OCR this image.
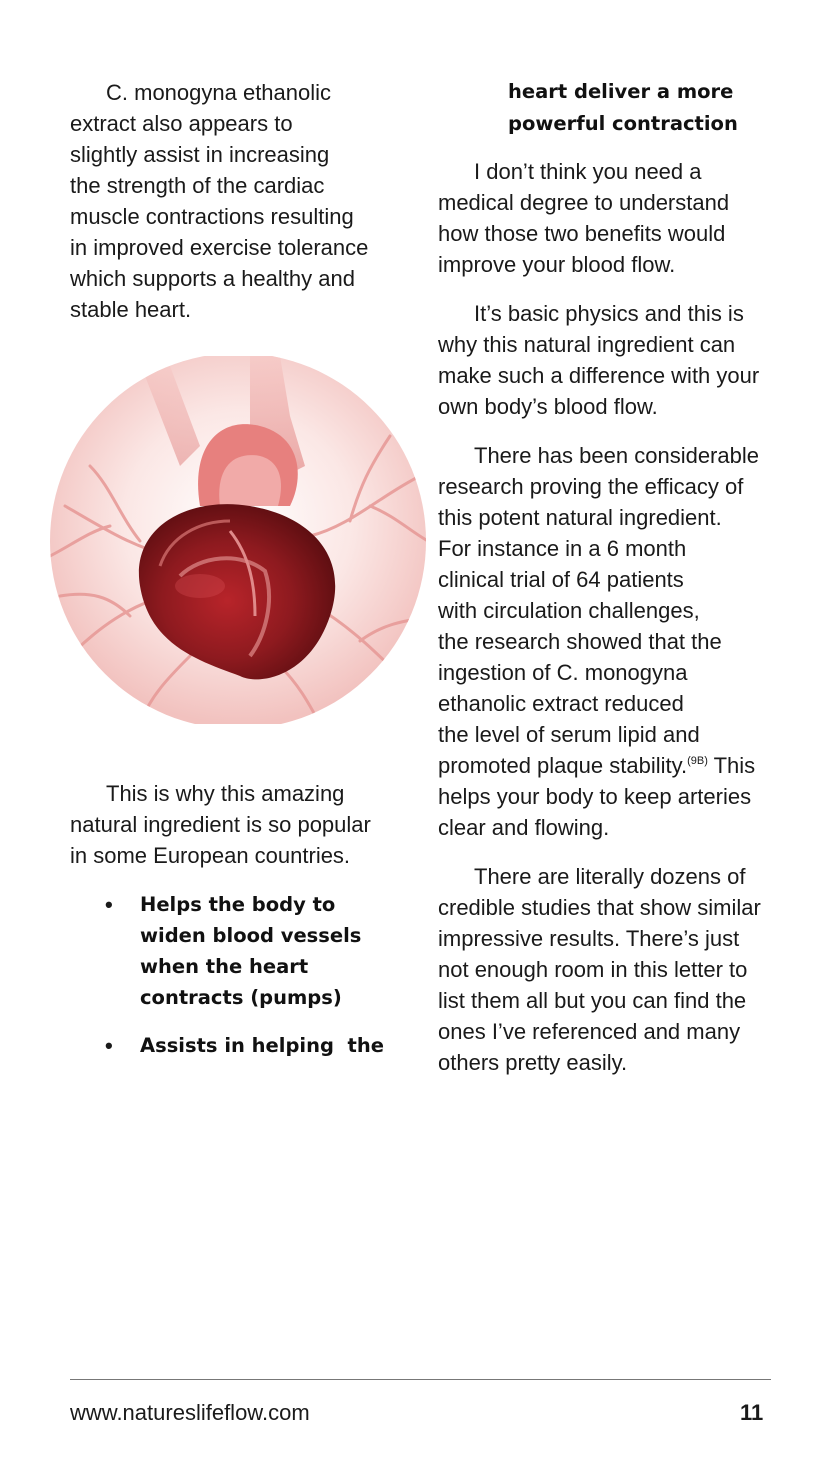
C. monogyna ethanolic

extract also appears to

slightly assist in increasing

the strength of the cardiac

muscle contractions resulting

in improved exercise tolerance

which supports a healthy and

stable heart.

This is why this amazing

natural ingredient is so popular

in some European countries.

• Helps the body to

widen blood vessels

when the heart

contracts (pumps)

• Assists in helping  the

heart deliver a more

powerful contraction

I don’t think you need a

medical degree to understand

how those two benefits would

improve your blood flow.

It’s basic physics and this is

why this natural ingredient can

make such a difference with your

own body’s blood flow.

There has been considerable

research proving the efficacy of

this potent natural ingredient.

For instance in a 6 month

clinical trial of 64 patients

with circulation challenges,

the research showed that the

ingestion of C. monogyna

ethanolic extract reduced

the level of serum lipid and

promoted plaque stability.$^{(9B)}$ This

helps your body to keep arteries

clear and flowing.

There are literally dozens of

credible studies that show similar

impressive results. There’s just

not enough room in this letter to

list them all but you can find the

ones I’ve referenced and many

others pretty easily.

www.natureslifeflow.com	11
